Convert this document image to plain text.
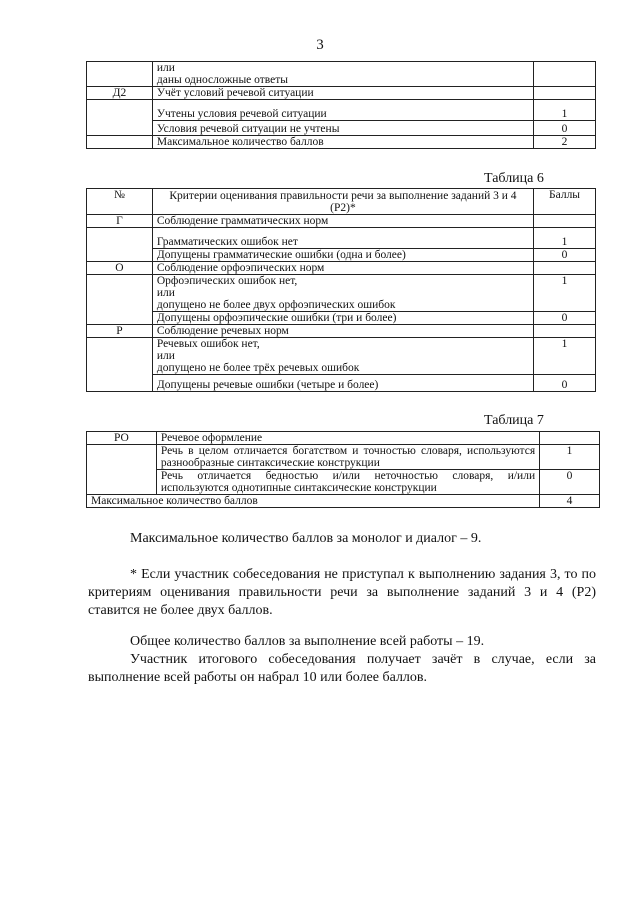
3

	или
даны односложные ответы	

Д2	Учёт условий речевой ситуации	
	Учтены условия речевой ситуации	1
	Условия речевой ситуации не учтены	0
	Максимальное количество баллов	2
Таблица 6
№	Критерии оценивания правильности речи за выполнение заданий 3 и 4 (Р2)*	Баллы
Г	Соблюдение грамматических норм	
	Грамматических ошибок нет	1
	Допущены грамматические ошибки (одна и более)	0
О	Соблюдение орфоэпических норм	

	Орфоэпических ошибок нет,
или
допущено не более двух орфоэпических ошибок	1
	Допущены орфоэпические ошибки (три и более)	0
Р	Соблюдение речевых норм	

	Речевых ошибок нет,
или
допущено не более трёх речевых ошибок	1
	Допущены речевые ошибки (четыре и более)	0
Таблица 7
РО	Речевое оформление	
	Речь в целом отличается богатством и точностью словаря, используются разнообразные синтаксические конструкции	1
	Речь отличается бедностью и/или неточностью словаря, и/или используются однотипные синтаксические конструкции	0
Максимальное количество баллов		4
Максимальное количество баллов за монолог и диалог – 9.
* Если участник собеседования не приступал к выполнению задания 3, то по критериям оценивания правильности речи за выполнение заданий 3 и 4 (Р2) ставится не более двух баллов.
Общее количество баллов за выполнение всей работы – 19.
Участник итогового собеседования получает зачёт в случае, если за выполнение всей работы он набрал 10 или более баллов.
